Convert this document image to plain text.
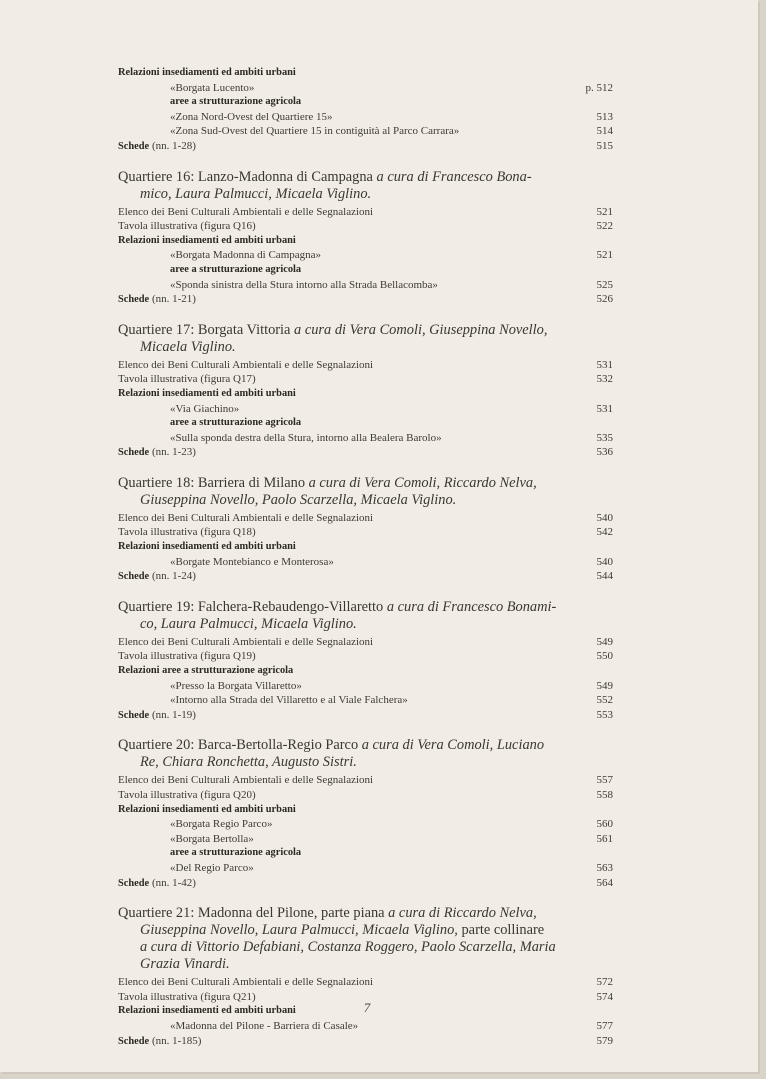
Relazioni insediamenti ed ambiti urbani
«Borgata Lucento»	p. 512
aree a strutturazione agricola
«Zona Nord-Ovest del Quartiere 15»	513
«Zona Sud-Ovest del Quartiere 15 in contiguità al Parco Carrara»	514
Schede (nn. 1-28)	515
Quartiere 16: Lanzo-Madonna di Campagna a cura di Francesco Bona-
mico, Laura Palmucci, Micaela Viglino.
Elenco dei Beni Culturali Ambientali e delle Segnalazioni	521
Tavola illustrativa (figura Q16)	522
Relazioni insediamenti ed ambiti urbani
«Borgata Madonna di Campagna»	521
aree a strutturazione agricola
«Sponda sinistra della Stura intorno alla Strada Bellacomba»	525
Schede (nn. 1-21)	526
Quartiere 17: Borgata Vittoria a cura di Vera Comoli, Giuseppina Novello,
Micaela Viglino.
Elenco dei Beni Culturali Ambientali e delle Segnalazioni	531
Tavola illustrativa (figura Q17)	532
Relazioni insediamenti ed ambiti urbani
«Via Giachino»	531
aree a strutturazione agricola
«Sulla sponda destra della Stura, intorno alla Bealera Barolo»	535
Schede (nn. 1-23)	536
Quartiere 18: Barriera di Milano a cura di Vera Comoli, Riccardo Nelva,
Giuseppina Novello, Paolo Scarzella, Micaela Viglino.
Elenco dei Beni Culturali Ambientali e delle Segnalazioni	540
Tavola illustrativa (figura Q18)	542
Relazioni insediamenti ed ambiti urbani
«Borgate Montebianco e Monterosa»	540
Schede (nn. 1-24)	544
Quartiere 19: Falchera-Rebaudengo-Villaretto a cura di Francesco Bonami-
co, Laura Palmucci, Micaela Viglino.
Elenco dei Beni Culturali Ambientali e delle Segnalazioni	549
Tavola illustrativa (figura Q19)	550
Relazioni aree a strutturazione agricola
«Presso la Borgata Villaretto»	549
«Intorno alla Strada del Villaretto e al Viale Falchera»	552
Schede (nn. 1-19)	553
Quartiere 20: Barca-Bertolla-Regio Parco a cura di Vera Comoli, Luciano
Re, Chiara Ronchetta, Augusto Sistri.
Elenco dei Beni Culturali Ambientali e delle Segnalazioni	557
Tavola illustrativa (figura Q20)	558
Relazioni insediamenti ed ambiti urbani
«Borgata Regio Parco»	560
«Borgata Bertolla»	561
aree a strutturazione agricola
«Del Regio Parco»	563
Schede (nn. 1-42)	564
Quartiere 21: Madonna del Pilone, parte piana a cura di Riccardo Nelva,
Giuseppina Novello, Laura Palmucci, Micaela Viglino, parte collinare
a cura di Vittorio Defabiani, Costanza Roggero, Paolo Scarzella, Maria
Grazia Vinardi.
Elenco dei Beni Culturali Ambientali e delle Segnalazioni	572
Tavola illustrativa (figura Q21)	574
Relazioni insediamenti ed ambiti urbani
«Madonna del Pilone - Barriera di Casale»	577
Schede (nn. 1-185)	579
7
